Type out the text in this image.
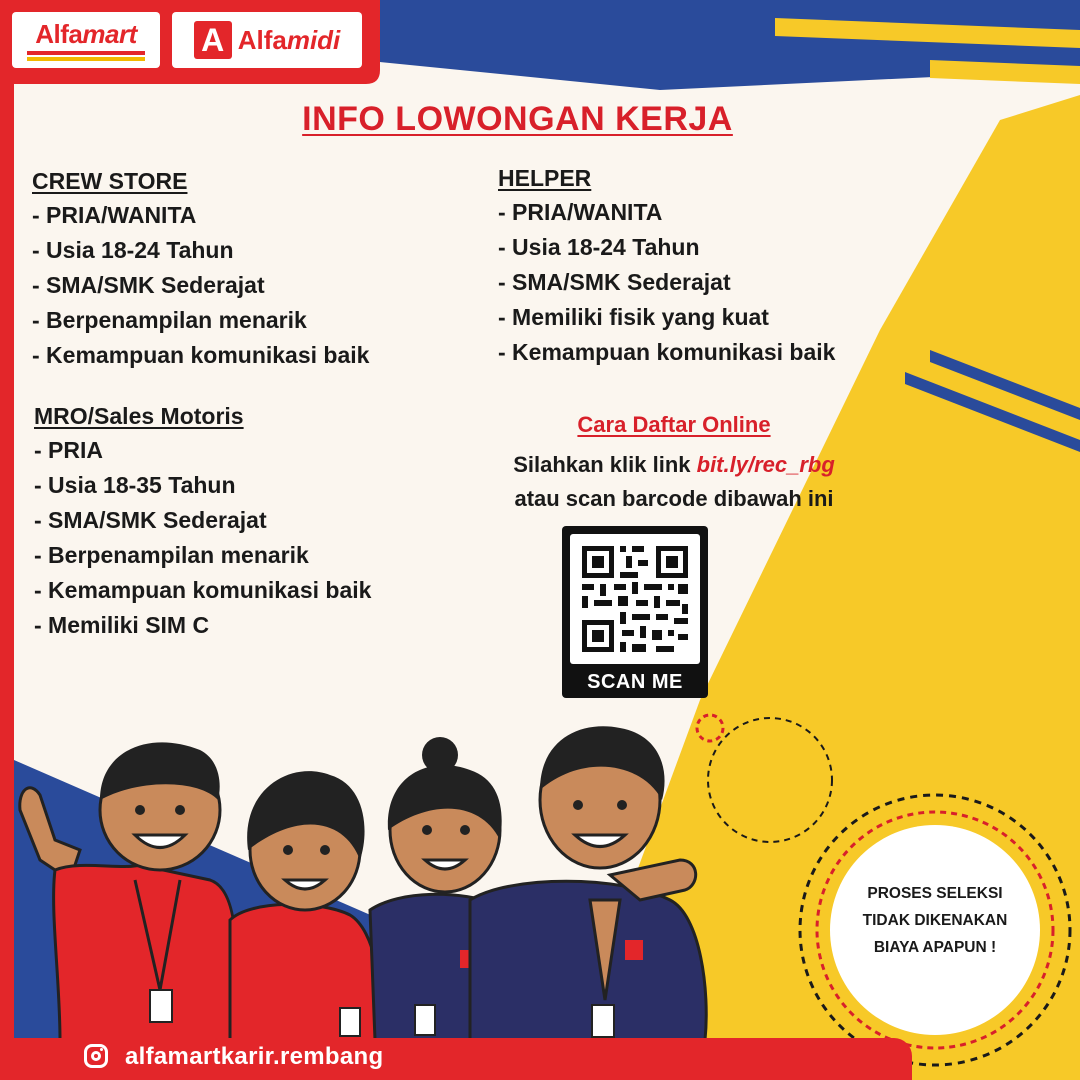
Alfamart A Alfamidi
INFO LOWONGAN KERJA
CREW STORE
- PRIA/WANITA
- Usia 18-24 Tahun
- SMA/SMK Sederajat
- Berpenampilan menarik
- Kemampuan komunikasi baik
HELPER
- PRIA/WANITA
- Usia 18-24 Tahun
- SMA/SMK Sederajat
- Memiliki fisik yang kuat
- Kemampuan komunikasi baik
MRO/Sales Motoris
- PRIA
- Usia 18-35 Tahun
- SMA/SMK Sederajat
- Berpenampilan menarik
- Kemampuan komunikasi baik
- Memiliki SIM C
Cara Daftar Online
Silahkan klik link bit.ly/rec_rbg
atau scan barcode dibawah ini
SCAN ME
PROSES SELEKSI
TIDAK DIKENAKAN
BIAYA APAPUN !
alfamartkarir.rembang
